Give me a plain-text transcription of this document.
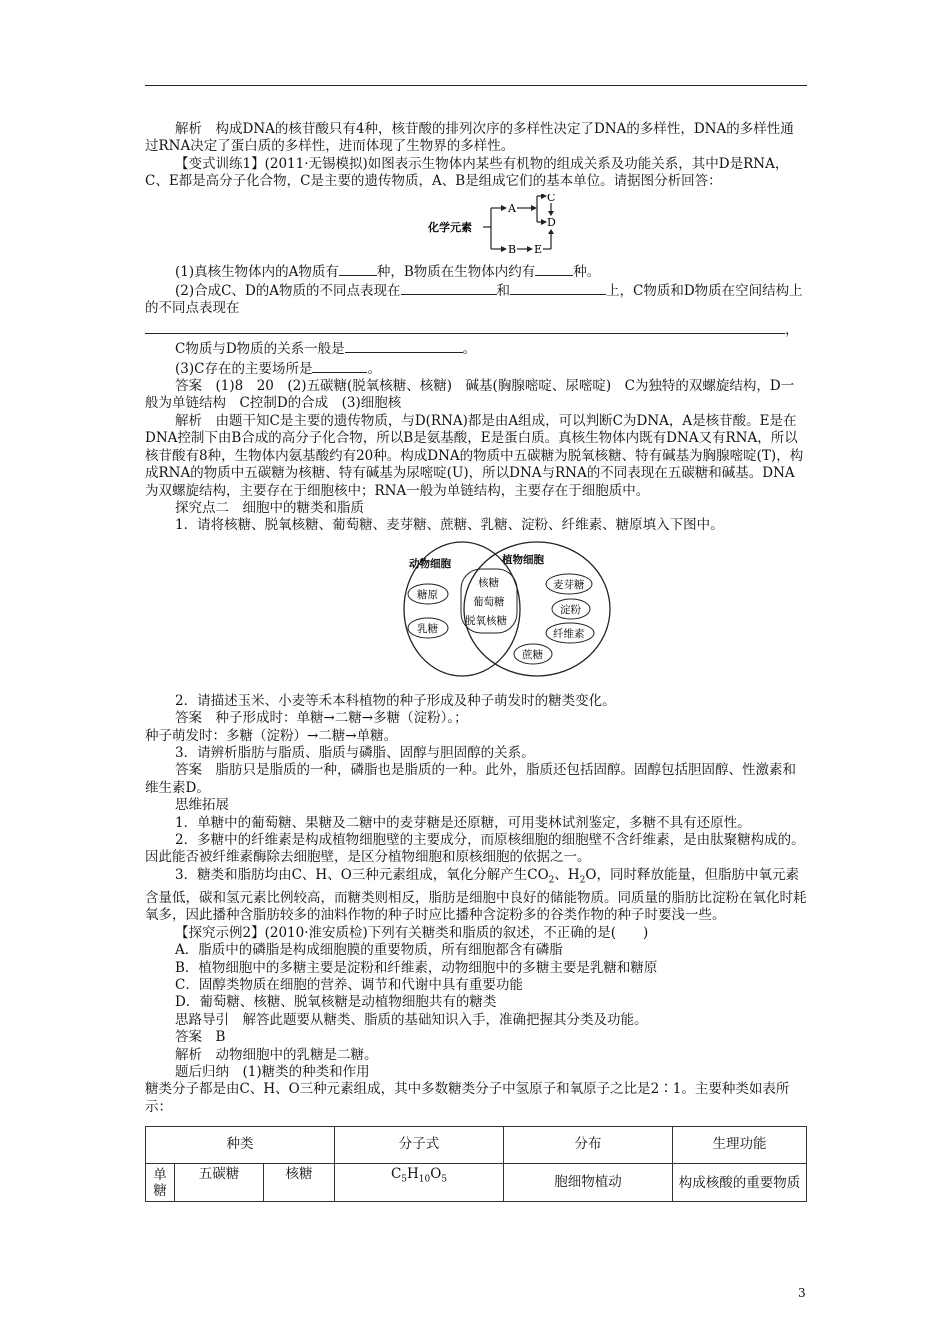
解析　构成DNA的核苷酸只有4种，核苷酸的排列次序的多样性决定了DNA的多样性，DNA的多样性通过RNA决定了蛋白质的多样性，进而体现了生物界的多样性。

【变式训练1】(2011·无锡模拟)如图表示生物体内某些有机物的组成关系及功能关系，其中D是RNA，C、E都是高分子化合物，C是主要的遗传物质，A、B是组成它们的基本单位。请据图分析回答：

化学元素
A
C
D
B E

(1)真核生物体内的A物质有	种，B物质在生物体内约有	种。

(2)合成C、D的A物质的不同点表现在	和	上，C物质和D物质在空间结构上的不同点表现在

，

C物质与D物质的关系一般是	。

(3)C存在的主要场所是	。

答案　(1)8　20　(2)五碳糖(脱氧核糖、核糖)　碱基(胸腺嘧啶、尿嘧啶)　C为独特的双螺旋结构，D一般为单链结构　C控制D的合成　(3)细胞核

解析　由题干知C是主要的遗传物质，与D(RNA)都是由A组成，可以判断C为DNA，A是核苷酸。E是在DNA控制下由B合成的高分子化合物，所以B是氨基酸，E是蛋白质。真核生物体内既有DNA又有RNA，所以核苷酸有8种，生物体内氨基酸约有20种。构成DNA的物质中五碳糖为脱氧核糖、特有碱基为胸腺嘧啶(T)，构成RNA的物质中五碳糖为核糖、特有碱基为尿嘧啶(U)，所以DNA与RNA的不同表现在五碳糖和碱基。DNA为双螺旋结构，主要存在于细胞核中；RNA一般为单链结构，主要存在于细胞质中。

探究点二　细胞中的糖类和脂质

1．请将核糖、脱氧核糖、葡萄糖、麦芽糖、蔗糖、乳糖、淀粉、纤维素、糖原填入下图中。

动物细胞	植物细胞
糖原
乳糖
核糖
葡萄糖
脱氧核糖
麦芽糖
淀粉
纤维素
蔗糖

2．请描述玉米、小麦等禾本科植物的种子形成及种子萌发时的糖类变化。

答案　种子形成时：单糖→二糖→多糖（淀粉）。；

种子萌发时：多糖（淀粉）→二糖→单糖。

3．请辨析脂肪与脂质、脂质与磷脂、固醇与胆固醇的关系。

答案　脂肪只是脂质的一种，磷脂也是脂质的一种。此外，脂质还包括固醇。固醇包括胆固醇、性激素和维生素D。

思维拓展

1．单糖中的葡萄糖、果糖及二糖中的麦芽糖是还原糖，可用斐林试剂鉴定，多糖不具有还原性。

2．多糖中的纤维素是构成植物细胞壁的主要成分，而原核细胞的细胞壁不含纤维素，是由肽聚糖构成的。因此能否被纤维素酶除去细胞壁，是区分植物细胞和原核细胞的依据之一。

3．糖类和脂肪均由C、H、O三种元素组成，氧化分解产生$CO_2$、$H_2O$，同时释放能量，但脂肪中氧元素含量低，碳和氢元素比例较高，而糖类则相反，脂肪是细胞中良好的储能物质。同质量的脂肪比淀粉在氧化时耗氧多，因此播种含脂肪较多的油料作物的种子时应比播种含淀粉多的谷类作物的种子时要浅一些。

【探究示例2】(2010·淮安质检)下列有关糖类和脂质的叙述，不正确的是(　　)

A．脂质中的磷脂是构成细胞膜的重要物质，所有细胞都含有磷脂

B．植物细胞中的多糖主要是淀粉和纤维素，动物细胞中的多糖主要是乳糖和糖原

C．固醇类物质在细胞的营养、调节和代谢中具有重要功能

D．葡萄糖、核糖、脱氧核糖是动植物细胞共有的糖类

思路导引　解答此题要从糖类、脂质的基础知识入手，准确把握其分类及功能。

答案　B

解析　动物细胞中的乳糖是二糖。

题后归纳　(1)糖类的种类和作用

糖类分子都是由C、H、O三种元素组成，其中多数糖类分子中氢原子和氧原子之比是2∶1。主要种类如表所示：

种类			分子式	分布	生理功能
单糖	五碳糖	核糖	$C_5H_{10}O_5$	胞细物植动	构成核酸的重要物质
3
